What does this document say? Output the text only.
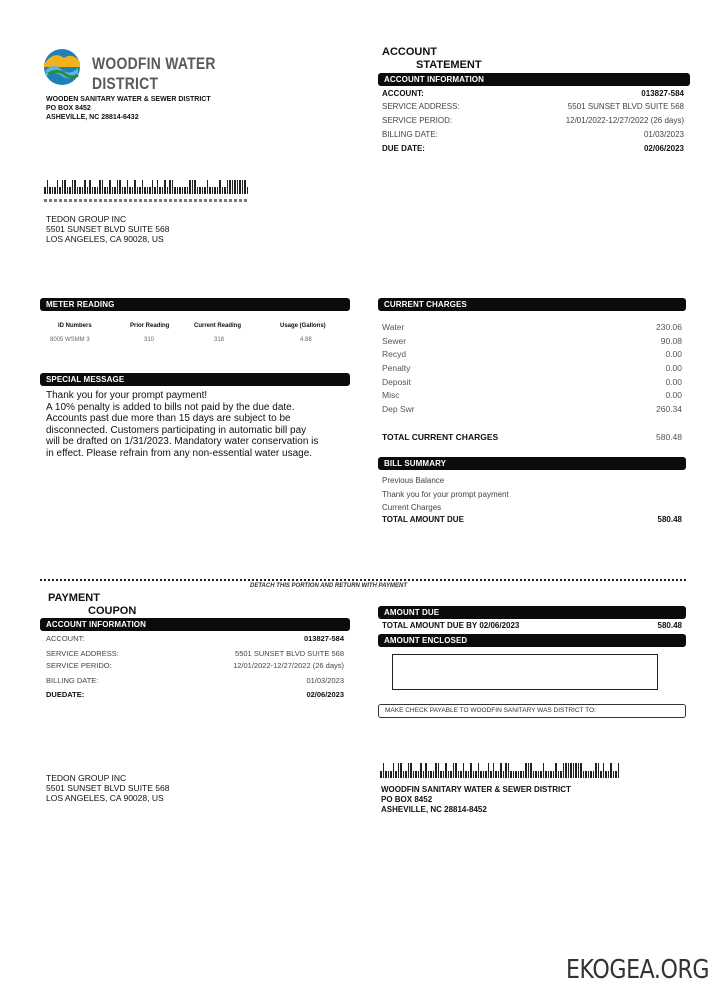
WOODFIN WATER DISTRICT
WOODEN SANITARY WATER & SEWER DISTRICT
PO BOX 8452
ASHEVILLE, NC 28814-6432
ACCOUNT
STATEMENT
ACCOUNT INFORMATION
ACCOUNT:	013827-584
SERVICE ADDRESS:	5501 SUNSET BLVD SUITE 568
SERVICE PERIOD:	12/01/2022-12/27/2022 (26 days)
BILLING DATE:	01/03/2023
DUE DATE:	02/06/2023
TEDON GROUP INC
5501 SUNSET BLVD SUITE 568
LOS ANGELES, CA 90028, US
METER READING
ID Numbers	Prior Reading	Current Reading	Usage (Gallons)
8005 WSMM 3	310	318	4.88
SPECIAL MESSAGE
Thank you for your prompt payment!
A 10% penalty is added to bills not paid by the due date.
Accounts past due more than 15 days are subject to be
disconnected. Customers participating in automatic bill pay
will be drafted on 1/31/2023. Mandatory water conservation is
in effect. Please refrain from any non-essential water usage.
CURRENT CHARGES
Water	230.06
Sewer	90.08
Recyd	0.00
Penalty	0.00
Deposit	0.00
Misc	0.00
Dep Swr	260.34
TOTAL CURRENT CHARGES	580.48
BILL SUMMARY
Previous Balance
Thank you for your prompt payment
Current Charges
TOTAL AMOUNT DUE	580.48
DETACH THIS PORTION AND RETURN WITH PAYMENT
PAYMENT
COUPON
ACCOUNT INFORMATION
ACCOUNT:	013827-584
SERVICE ADDRESS:	5501 SUNSET BLVD SUITE 568
SERVICE PERIDO:	12/01/2022-12/27/2022 (26 days)
BILLING DATE:	01/03/2023
DUEDATE:	02/06/2023
AMOUNT DUE
TOTAL AMOUNT DUE BY 02/06/2023	580.48
AMOUNT ENCLOSED
MAKE CHECK PAYABLE TO WOODFIN SANITARY WAS DISTRICT TO:
TEDON GROUP INC
5501 SUNSET BLVD SUITE 568
LOS ANGELES, CA 90028, US
WOODFIN SANITARY WATER & SEWER DISTRICT
PO BOX 8452
ASHEVILLE, NC 28814-8452
EKOGEA.ORG
